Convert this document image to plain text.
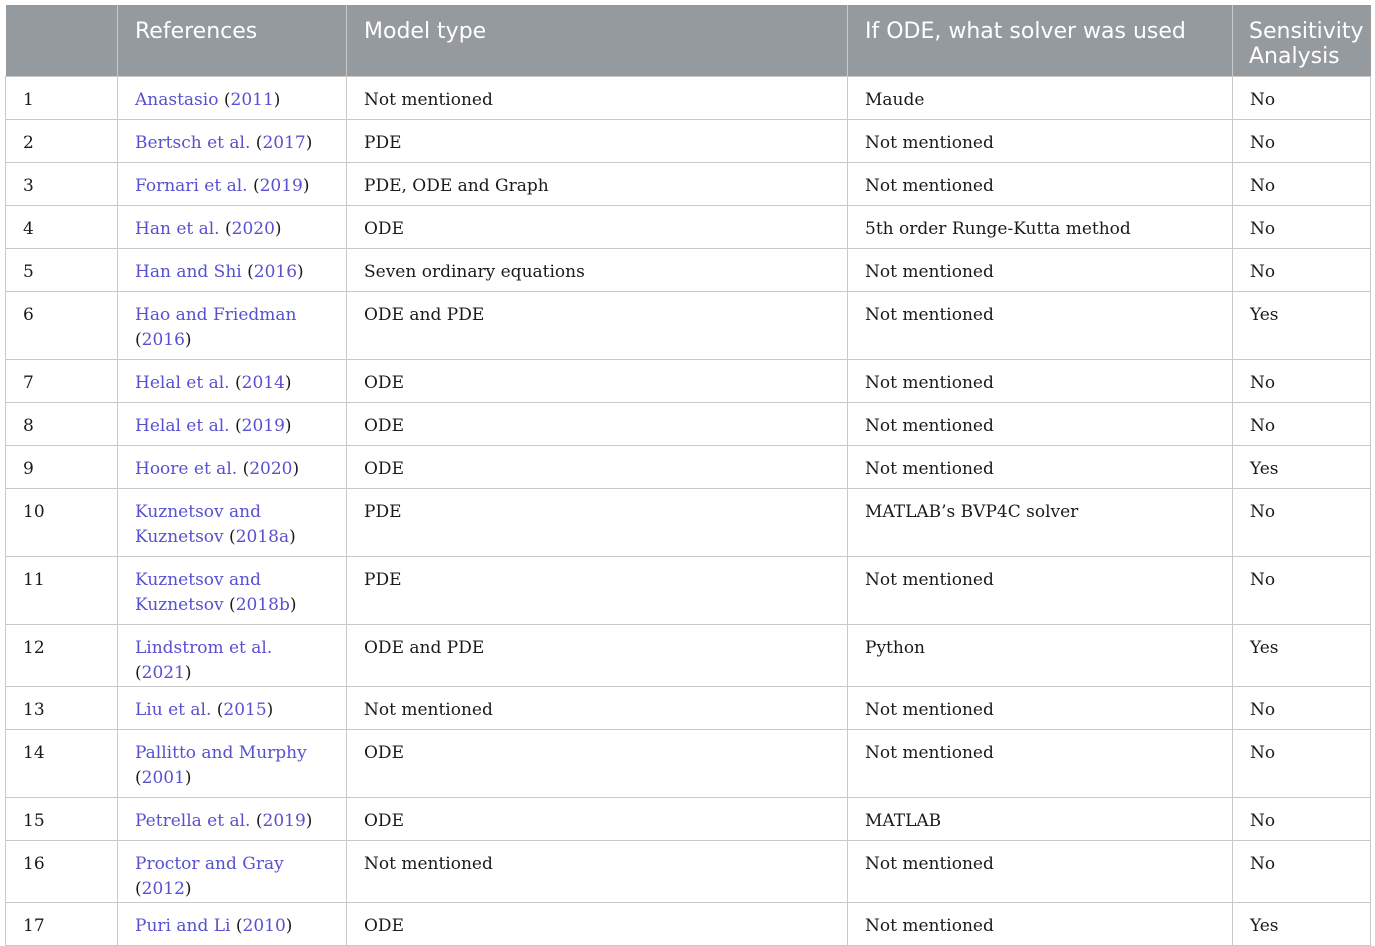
	References	Model type	If ODE, what solver was used	Sensitivity Analysis
1	Anastasio (2011)	Not mentioned	Maude	No
2	Bertsch et al. (2017)	PDE	Not mentioned	No
3	Fornari et al. (2019)	PDE, ODE and Graph	Not mentioned	No
4	Han et al. (2020)	ODE	5th order Runge-Kutta method	No
5	Han and Shi (2016)	Seven ordinary equations	Not mentioned	No
6	Hao and Friedman (2016)	ODE and PDE	Not mentioned	Yes
7	Helal et al. (2014)	ODE	Not mentioned	No
8	Helal et al. (2019)	ODE	Not mentioned	No
9	Hoore et al. (2020)	ODE	Not mentioned	Yes
10	Kuznetsov and Kuznetsov (2018a)	PDE	MATLAB’s BVP4C solver	No
11	Kuznetsov and Kuznetsov (2018b)	PDE	Not mentioned	No
12	Lindstrom et al. (2021)	ODE and PDE	Python	Yes
13	Liu et al. (2015)	Not mentioned	Not mentioned	No
14	Pallitto and Murphy (2001)	ODE	Not mentioned	No
15	Petrella et al. (2019)	ODE	MATLAB	No
16	Proctor and Gray (2012)	Not mentioned	Not mentioned	No
17	Puri and Li (2010)	ODE	Not mentioned	Yes
